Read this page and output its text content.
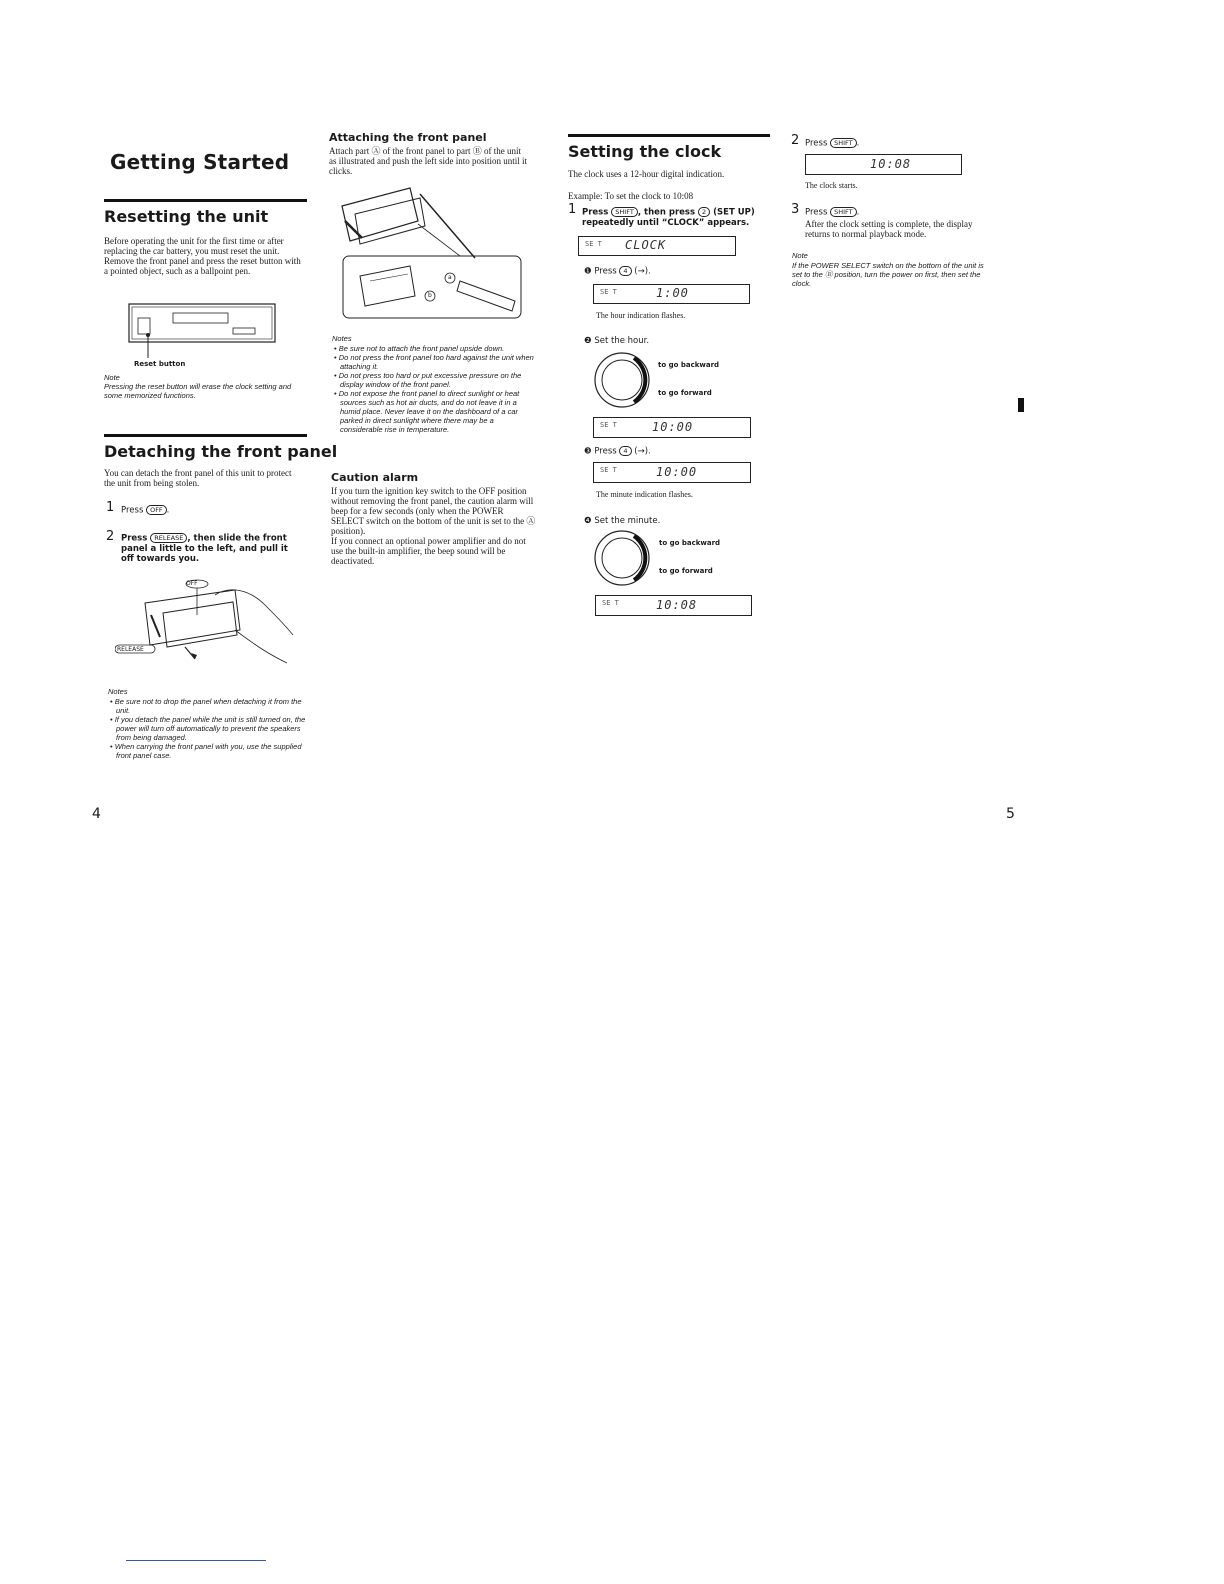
Getting Started
Resetting the unit
Before operating the unit for the first time or after replacing the car battery, you must reset the unit.
Remove the front panel and press the reset button with a pointed object, such as a ballpoint pen.
Reset button
Note
Pressing the reset button will erase the clock setting and some memorized functions.
Detaching the front panel
You can detach the front panel of this unit to protect the unit from being stolen.
1 Press OFF .
2 Press RELEASE , then slide the front panel a little to the left, and pull it off towards you.
OFF
RELEASE
Notes
• Be sure not to drop the panel when detaching it from the unit.
• If you detach the panel while the unit is still turned on, the power will turn off automatically to prevent the speakers from being damaged.
• When carrying the front panel with you, use the supplied front panel case.
4
Attaching the front panel
Attach part Ⓐ of the front panel to part Ⓑ of the unit as illustrated and push the left side into position until it clicks.
a
b
Notes
• Be sure not to attach the front panel upside down.
• Do not press the front panel too hard against the unit when attaching it.
• Do not press too hard or put excessive pressure on the display window of the front panel.
• Do not expose the front panel to direct sunlight or heat sources such as hot air ducts, and do not leave it in a humid place. Never leave it on the dashboard of a car parked in direct sunlight where there may be a considerable rise in temperature.
Caution alarm
If you turn the ignition key switch to the OFF position without removing the front panel, the caution alarm will beep for a few seconds (only when the POWER SELECT switch on the bottom of the unit is set to the Ⓐ position).
If you connect an optional power amplifier and do not use the built-in amplifier, the beep sound will be deactivated.
Setting the clock
The clock uses a 12-hour digital indication.
Example: To set the clock to 10:08
1 Press SHIFT , then press 2 (SET UP) repeatedly until “CLOCK” appears.
SE T CLOCK
❶ Press 4 (→).
SE T	1:00
The hour indication flashes.
❷ Set the hour.
to go backward
to go forward
SE T	10:00
❸ Press 4 (→).
SE T	10:00
The minute indication flashes.
❹ Set the minute.
to go backward
to go forward
SE T	10:08
2 Press SHIFT .
10:08
The clock starts.
3 Press SHIFT .
After the clock setting is complete, the display returns to normal playback mode.
Note
If the POWER SELECT switch on the bottom of the unit is set to the Ⓑ position, turn the power on first, then set the clock.
5
